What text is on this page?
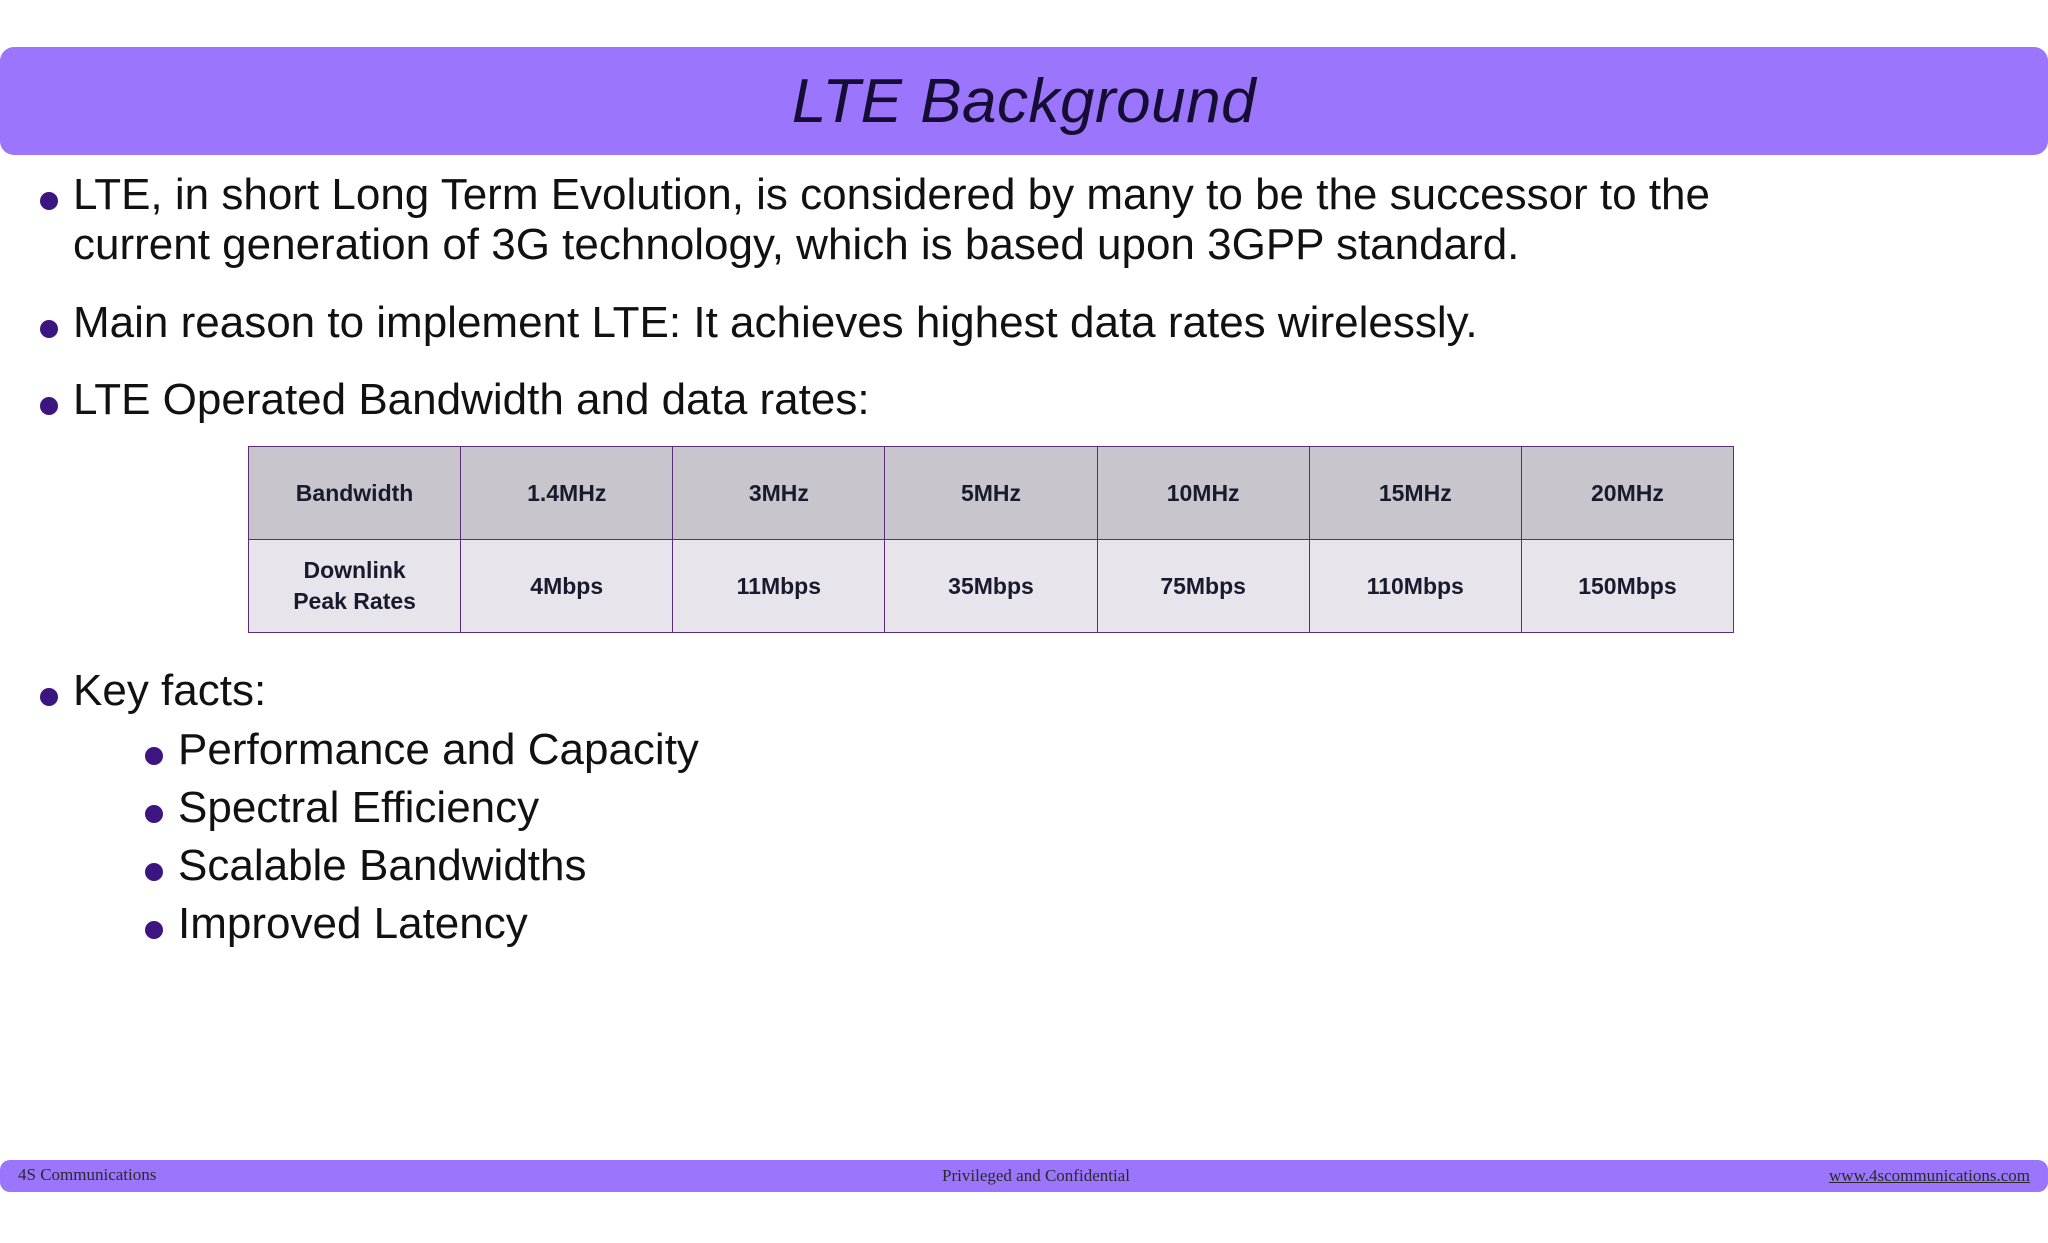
LTE Background
LTE, in short Long Term Evolution, is considered by many to be the successor to the current generation of 3G technology, which is based upon 3GPP standard.
Main reason to implement LTE: It achieves highest data rates wirelessly.
LTE Operated Bandwidth and data rates:
Bandwidth	1.4MHz	3MHz	5MHz	10MHz	15MHz	20MHz
Downlink Peak Rates	4Mbps	11Mbps	35Mbps	75Mbps	110Mbps	150Mbps
Key facts:
Performance and Capacity
Spectral Efficiency
Scalable Bandwidths
Improved Latency
4S Communications	Privileged and Confidential	www.4scommunications.com
